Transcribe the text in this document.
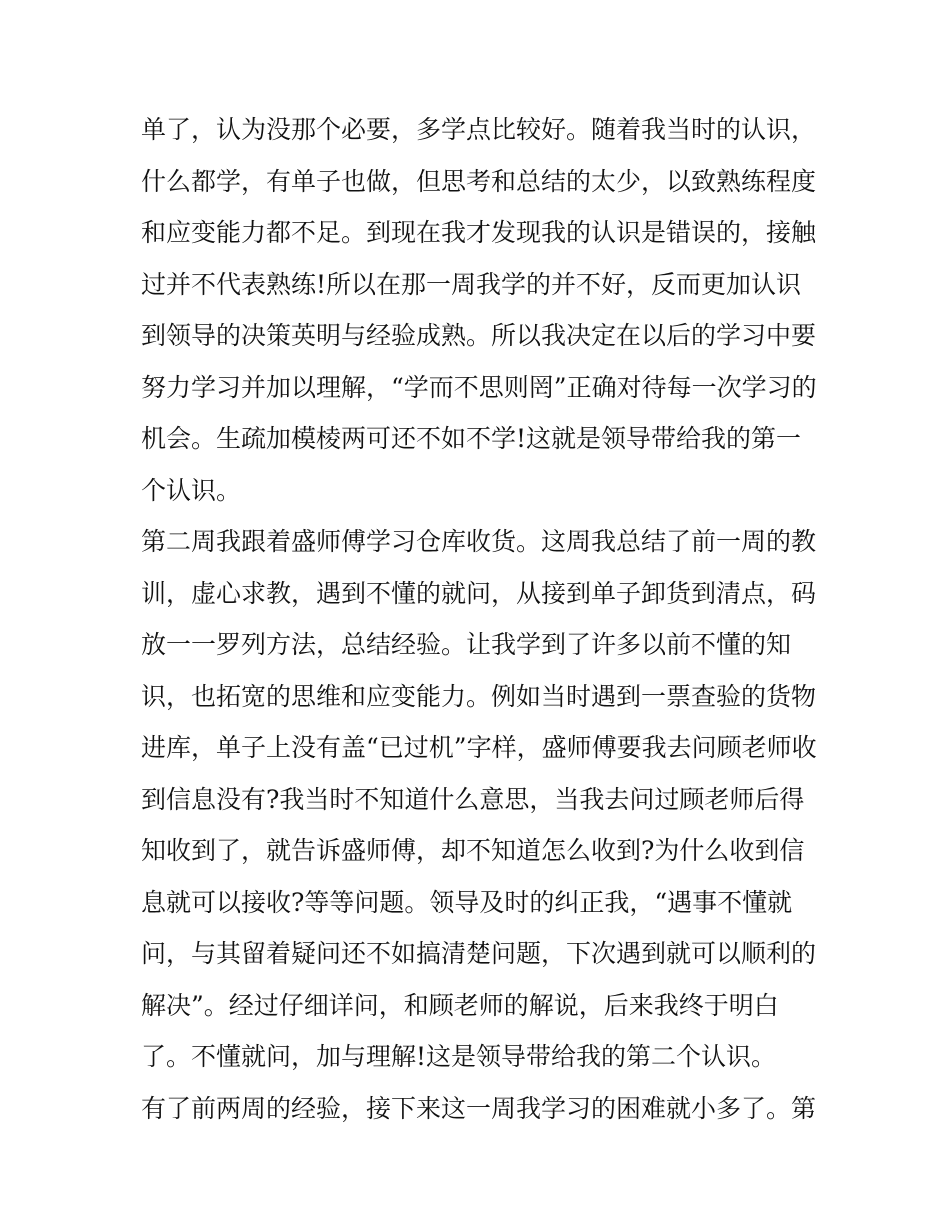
单了，认为没那个必要，多学点比较好。随着我当时的认识，
什么都学，有单子也做，但思考和总结的太少，以致熟练程度
和应变能力都不足。到现在我才发现我的认识是错误的，接触
过并不代表熟练!所以在那一周我学的并不好，反而更加认识
到领导的决策英明与经验成熟。所以我决定在以后的学习中要
努力学习并加以理解，“学而不思则罔”正确对待每一次学习的
机会。生疏加模棱两可还不如不学!这就是领导带给我的第一
个认识。
第二周我跟着盛师傅学习仓库收货。这周我总结了前一周的教
训，虚心求教，遇到不懂的就问，从接到单子卸货到清点，码
放一一罗列方法，总结经验。让我学到了许多以前不懂的知
识，也拓宽的思维和应变能力。例如当时遇到一票查验的货物
进库，单子上没有盖“已过机”字样，盛师傅要我去问顾老师收
到信息没有?我当时不知道什么意思，当我去问过顾老师后得
知收到了，就告诉盛师傅，却不知道怎么收到?为什么收到信
息就可以接收?等等问题。领导及时的纠正我，“遇事不懂就
问，与其留着疑问还不如搞清楚问题，下次遇到就可以顺利的
解决”。经过仔细详问，和顾老师的解说，后来我终于明白
了。不懂就问，加与理解!这是领导带给我的第二个认识。
有了前两周的经验，接下来这一周我学习的困难就小多了。第
